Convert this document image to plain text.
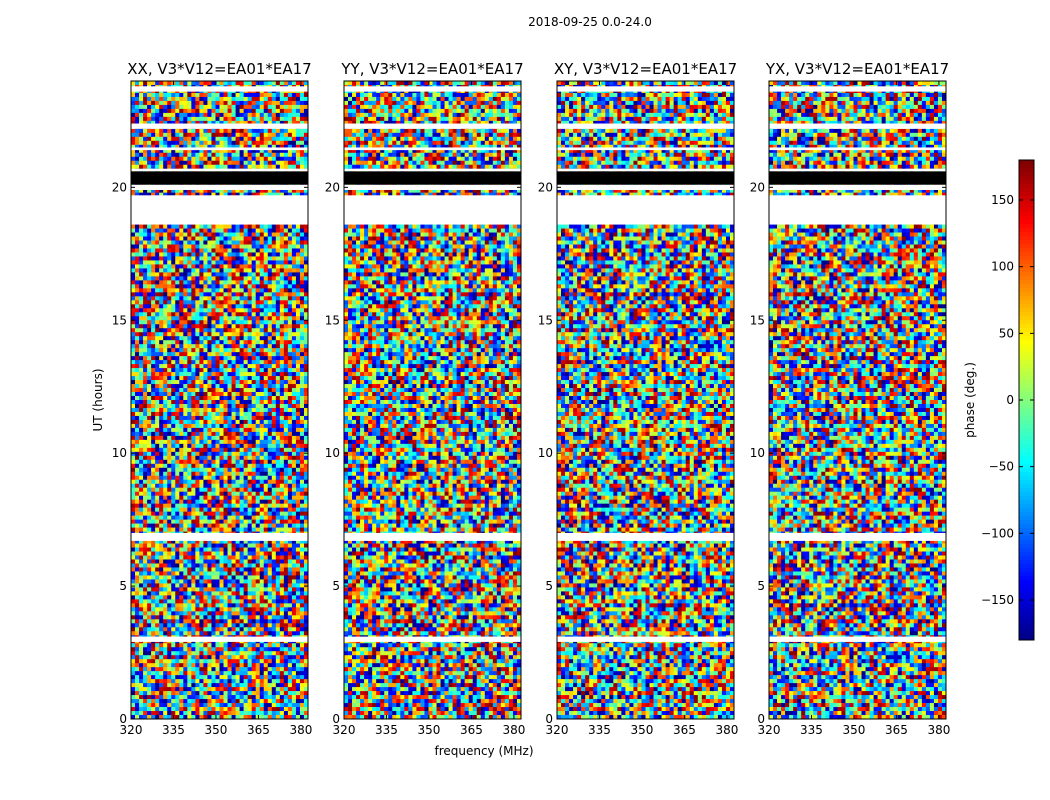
2018-09-25 0.0-24.0
XX, V3*V12=EA01*EA17
320 335 350 365 380
0
5
10
15
20
YY, V3*V12=EA01*EA17
320 335 350 365 380
0
5
10
15
20
XY, V3*V12=EA01*EA17
320 335 350 365 380
0
5
10
15
20
YX, V3*V12=EA01*EA17
320 335 350 365 380
0
5
10
15
20
frequency (MHz)
UT (hours)
150
100
50
0
−50
−100
−150
phase (deg.)
